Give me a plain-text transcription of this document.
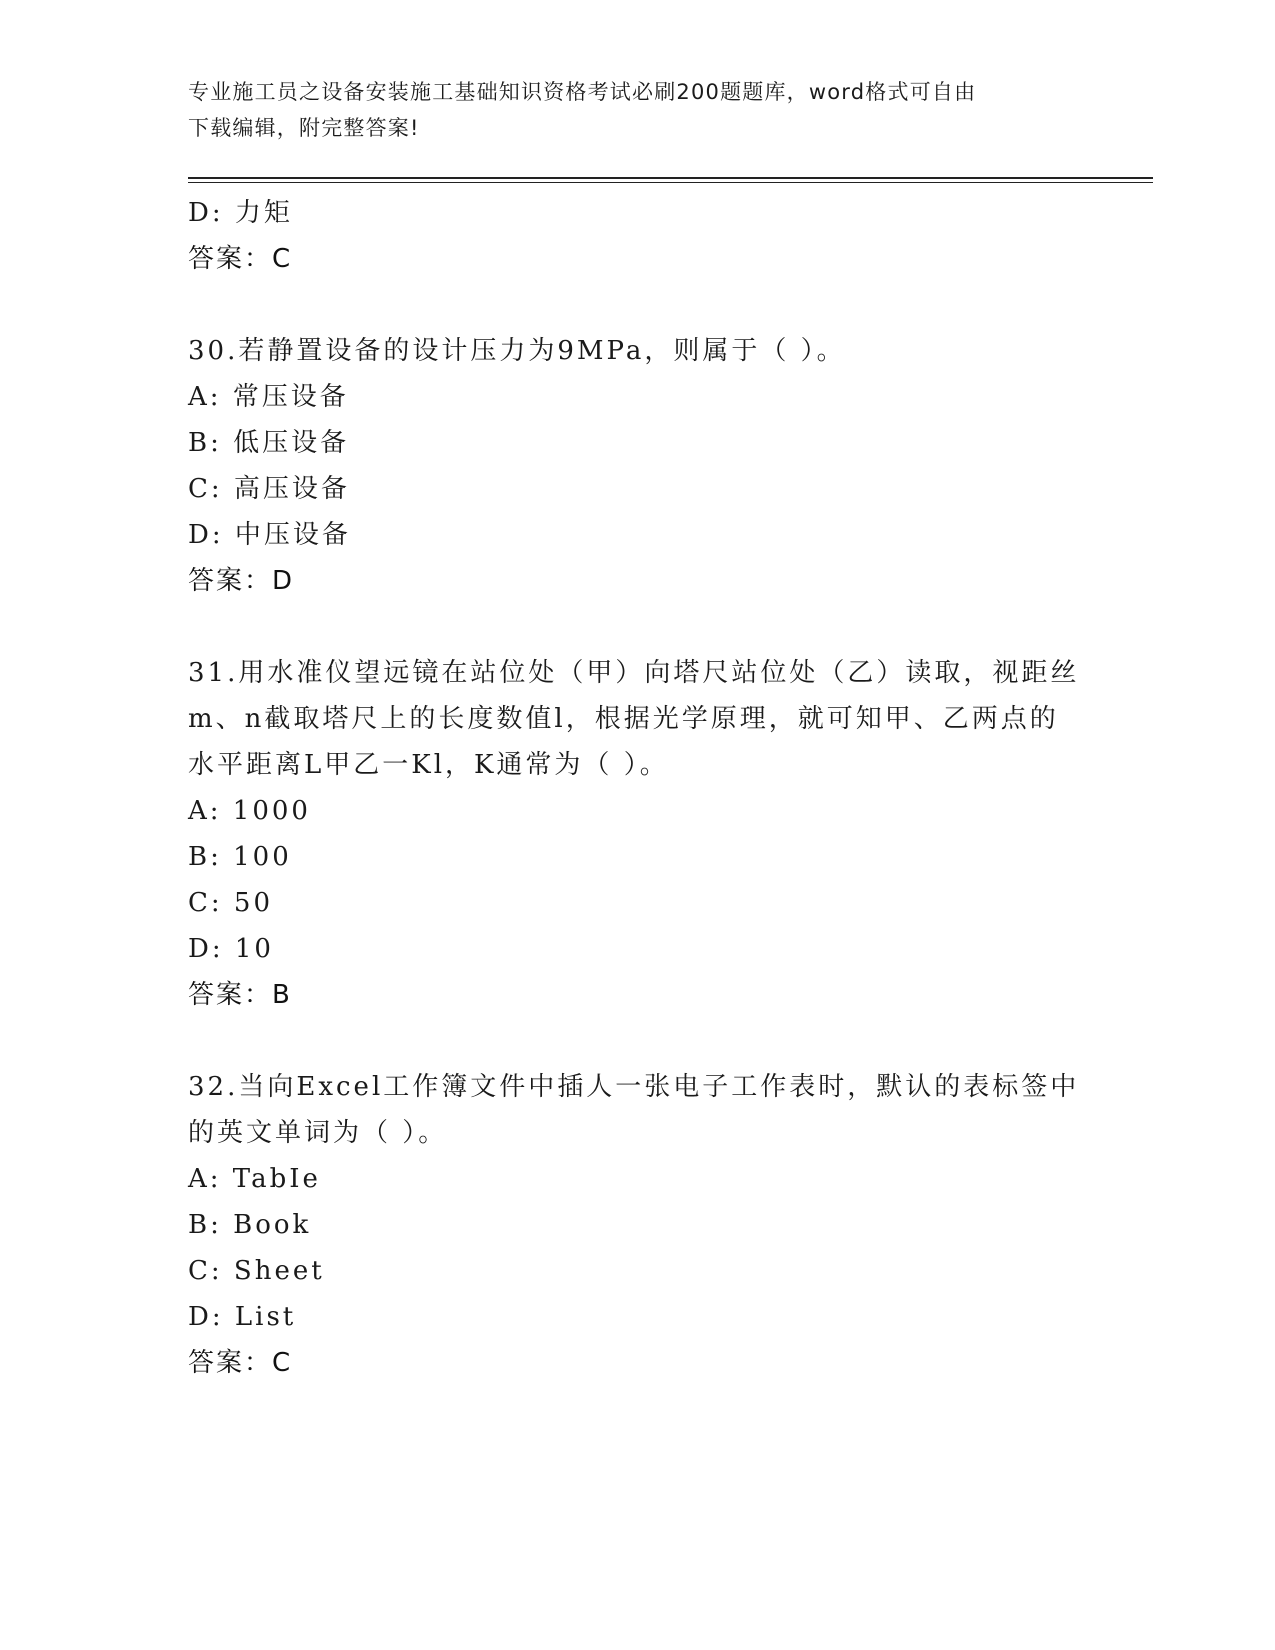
专业施工员之设备安装施工基础知识资格考试必刷200题题库，word格式可自由
下载编辑，附完整答案!
D: 力矩
答案：C
30.若静置设备的设计压力为9MPa，则属于（ ）。
A: 常压设备
B: 低压设备
C: 高压设备
D: 中压设备
答案：D
31.用水准仪望远镜在站位处（甲）向塔尺站位处（乙）读取，视距丝
m、n截取塔尺上的长度数值l，根据光学原理，就可知甲、乙两点的
水平距离L甲乙一Kl，K通常为（ ）。
A: 1000
B: 100
C: 50
D: 10
答案：B
32.当向Excel工作簿文件中插人一张电子工作表时，默认的表标签中
的英文单词为（ ）。
A: TabIe
B: Book
C: Sheet
D: List
答案：C
